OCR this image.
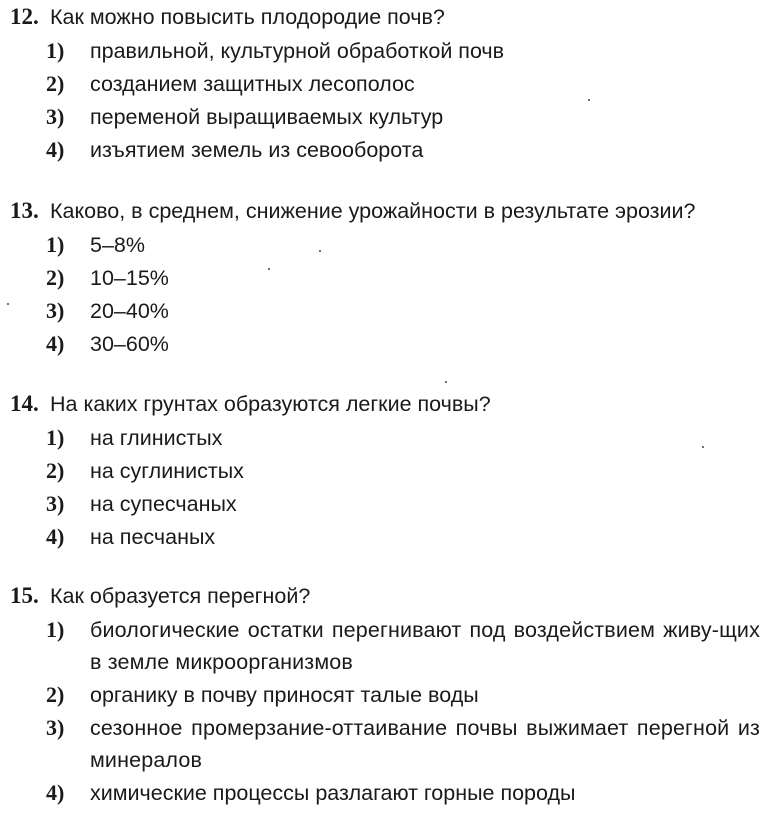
12. Как можно повысить плодородие почв?
1) правильной, культурной обработкой почв
2) созданием защитных лесополос
3) переменой выращиваемых культур
4) изъятием земель из севооборота
13. Каково, в среднем, снижение урожайности в результате эрозии?
1) 5–8%
2) 10–15%
3) 20–40%
4) 30–60%
14. На каких грунтах образуются легкие почвы?
1) на глинистых
2) на суглинистых
3) на супесчаных
4) на песчаных
15. Как образуется перегной?
1) биологические остатки перегнивают под воздействием живу-щих в земле микроорганизмов
2) органику в почву приносят талые воды
3) сезонное промерзание-оттаивание почвы выжимает перегной из минералов
4) химические процессы разлагают горные породы
